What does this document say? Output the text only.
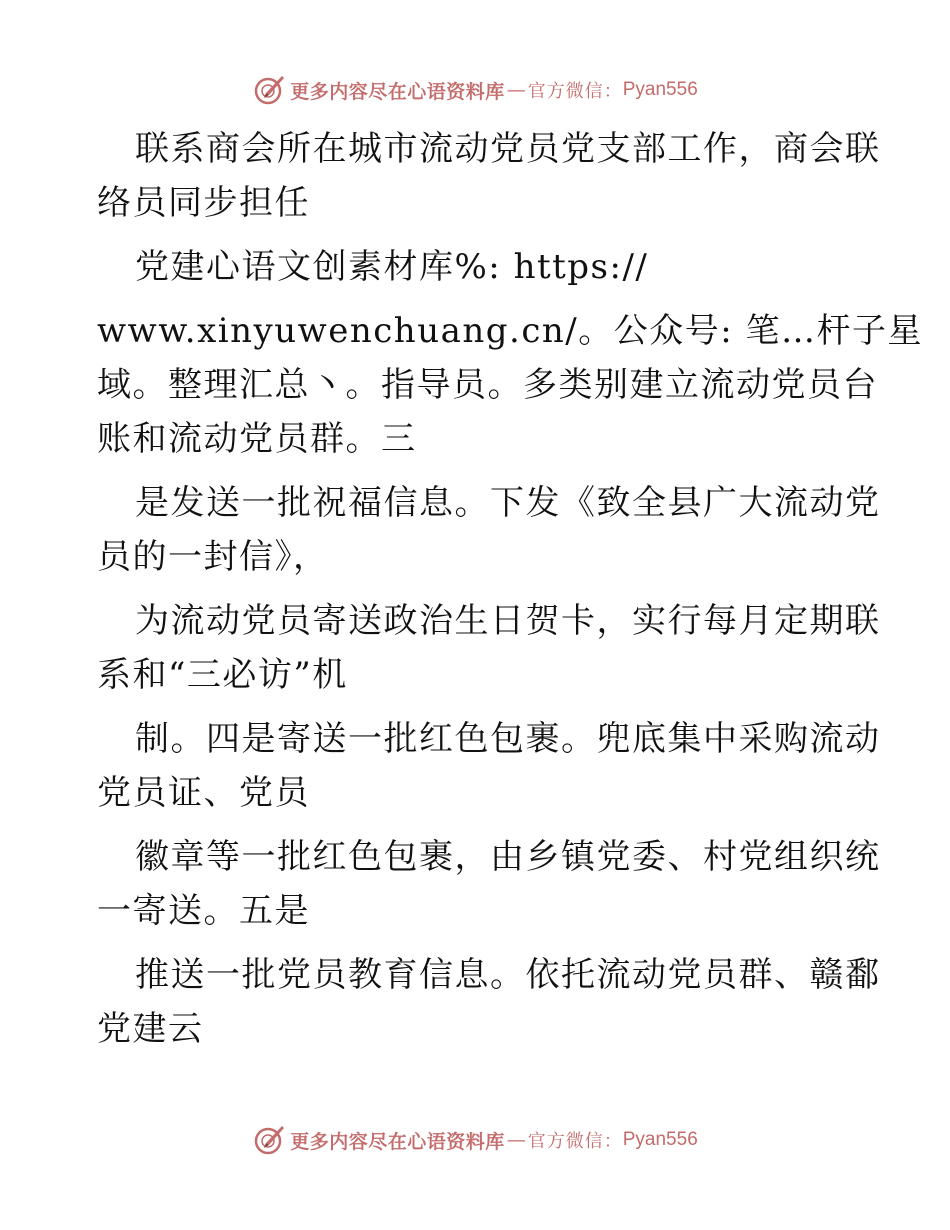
更多内容尽在心语资料库 — 官方微信： Pyan556
联系商会所在城市流动党员党支部工作，商会联
络员同步担任
党建心语文创素材库%: https://
www.xinyuwenchuang.cn/。公众号: 笔…杆子星
域。整理汇总丶。指导员。多类别建立流动党员台
账和流动党员群。三
是发送一批祝福信息。下发《致全县广大流动党
员的一封信》，
为流动党员寄送政治生日贺卡，实行每月定期联
系和“三必访”机
制。四是寄送一批红色包裹。兜底集中采购流动
党员证、党员
徽章等一批红色包裹，由乡镇党委、村党组织统
一寄送。五是
推送一批党员教育信息。依托流动党员群、赣鄱
党建云
更多内容尽在心语资料库 — 官方微信： Pyan556
